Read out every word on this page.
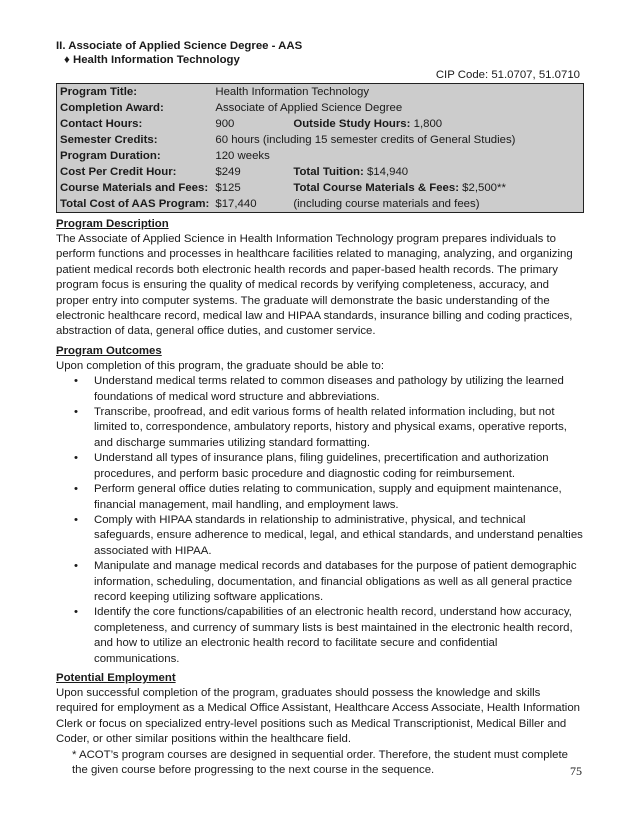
II. Associate of Applied Science Degree - AAS
♦ Health Information Technology
CIP Code: 51.0707, 51.0710
Program Title:	Health Information Technology	
Completion Award:	Associate of Applied Science Degree	
Contact Hours:	900	Outside Study Hours: 1,800
Semester Credits:	60 hours (including 15 semester credits of General Studies)	
Program Duration:	120 weeks	
Cost Per Credit Hour:	$249	Total Tuition: $14,940
Course Materials and Fees:	$125	Total Course Materials & Fees: $2,500**
Total Cost of AAS Program:	$17,440	(including course materials and fees)
Program Description
The Associate of Applied Science in Health Information Technology program prepares individuals to perform functions and processes in healthcare facilities related to managing, analyzing, and organizing patient medical records both electronic health records and paper-based health records. The primary program focus is ensuring the quality of medical records by verifying completeness, accuracy, and proper entry into computer systems. The graduate will demonstrate the basic understanding of the electronic healthcare record, medical law and HIPAA standards, insurance billing and coding practices, abstraction of data, general office duties, and customer service.
Program Outcomes
Upon completion of this program, the graduate should be able to:
• Understand medical terms related to common diseases and pathology by utilizing the learned foundations of medical word structure and abbreviations.
• Transcribe, proofread, and edit various forms of health related information including, but not limited to, correspondence, ambulatory reports, history and physical exams, operative reports, and discharge summaries utilizing standard formatting.
• Understand all types of insurance plans, filing guidelines, precertification and authorization procedures, and perform basic procedure and diagnostic coding for reimbursement.
• Perform general office duties relating to communication, supply and equipment maintenance, financial management, mail handling, and employment laws.
• Comply with HIPAA standards in relationship to administrative, physical, and technical safeguards, ensure adherence to medical, legal, and ethical standards, and understand penalties associated with HIPAA.
• Manipulate and manage medical records and databases for the purpose of patient demographic information, scheduling, documentation, and financial obligations as well as all general practice record keeping utilizing software applications.
• Identify the core functions/capabilities of an electronic health record, understand how accuracy, completeness, and currency of summary lists is best maintained in the electronic health record, and how to utilize an electronic health record to facilitate secure and confidential communications.
Potential Employment
Upon successful completion of the program, graduates should possess the knowledge and skills required for employment as a Medical Office Assistant, Healthcare Access Associate, Health Information Clerk or focus on specialized entry-level positions such as Medical Transcriptionist, Medical Biller and Coder, or other similar positions within the healthcare field.
* ACOT’s program courses are designed in sequential order. Therefore, the student must complete the given course before progressing to the next course in the sequence.	75
